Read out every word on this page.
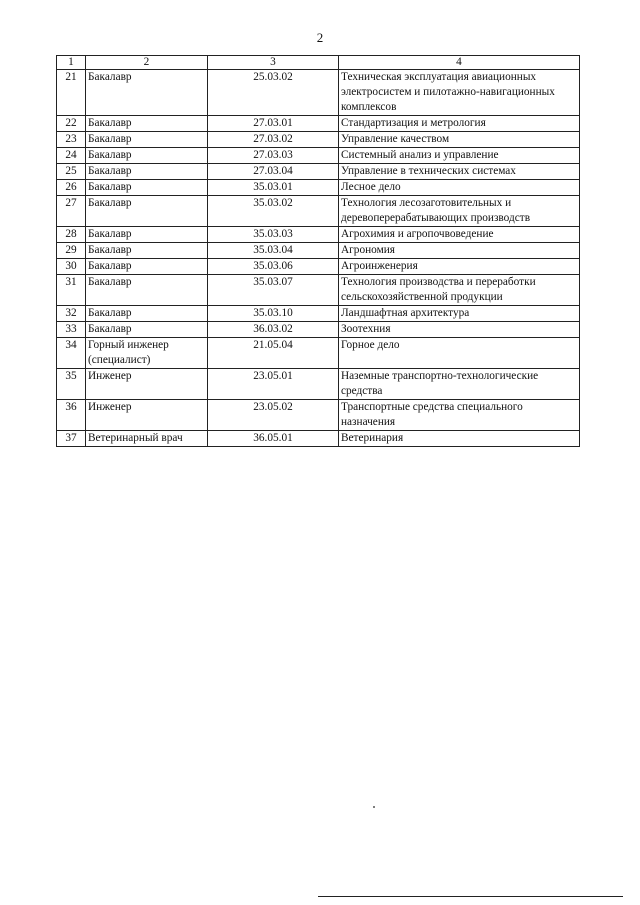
2
1	2	3	4
21	Бакалавр	25.03.02	Техническая эксплуатация авиационных электросистем и пилотажно-навигационных комплексов
22	Бакалавр	27.03.01	Стандартизация и метрология
23	Бакалавр	27.03.02	Управление качеством
24	Бакалавр	27.03.03	Системный анализ и управление
25	Бакалавр	27.03.04	Управление в технических системах
26	Бакалавр	35.03.01	Лесное дело
27	Бакалавр	35.03.02	Технология лесозаготовительных и деревоперерабатывающих производств
28	Бакалавр	35.03.03	Агрохимия и агропочвоведение
29	Бакалавр	35.03.04	Агрономия
30	Бакалавр	35.03.06	Агроинженерия
31	Бакалавр	35.03.07	Технология производства и переработки сельскохозяйственной продукции
32	Бакалавр	35.03.10	Ландшафтная архитектура
33	Бакалавр	36.03.02	Зоотехния
34	Горный инженер (специалист)	21.05.04	Горное дело
35	Инженер	23.05.01	Наземные транспортно-технологические средства
36	Инженер	23.05.02	Транспортные средства специального назначения
37	Ветеринарный врач	36.05.01	Ветеринария
